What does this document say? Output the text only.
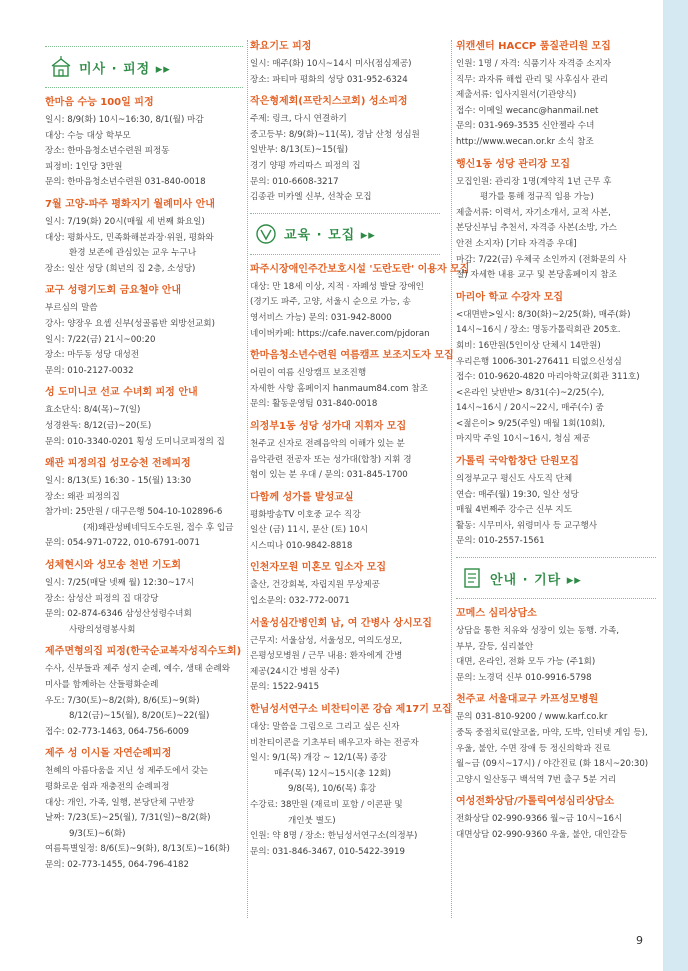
미사 · 피정 ▸▸
한마음 수능 100일 피정
일시: 8/9(화) 10시~16:30, 8/1(월) 마감
대상: 수능 대상 학부모
장소: 한마음청소년수련원 피정동
피정비: 1인당 3만원
문의: 한마음청소년수련원 031-840-0018
7월 고양-파주 평화지기 월례미사 안내
일시: 7/19(화) 20시(매월 세 번째 화요일)
대상: 평화사도, 민족화해분과장·위원, 평화와
환경 보존에 관심있는 교우 누구나
장소: 일산 성당 (희년의 집 2층, 소성당)
교구 성령기도회 금요철야 안내
부르심의 말씀
강사: 양장우 요셉 신부(성골롬반 외방선교회)
일시: 7/22(금) 21시~00:20
장소: 마두동 성당 대성전
문의: 010-2127-0032
성 도미니코 선교 수녀회 피정 안내
효소단식: 8/4(목)~7(일)
성경완독: 8/12(금)~20(토)
문의: 010-3340-0201 횡성 도미니코피정의 집
왜관 피정의집 성모승천 전례피정
일시: 8/13(토) 16:30 - 15(월) 13:30
장소: 왜관 피정의집
참가비: 25만원 / 대구은행 504-10-102896-6
(재)왜관성베네딕도수도원, 접수 후 입금
문의: 054-971-0722, 010-6791-0071
성체현시와 성모송 천번 기도회
일시: 7/25(매달 넷째 월) 12:30~17시
장소: 삼성산 피정의 집 대강당
문의: 02-874-6346 삼성산성령수녀회
사랑의성령봉사회
제주면형의집 피정(한국순교복자성직수도회)
수사, 신부들과 제주 성지 순례, 예수, 생태 순례와
미사를 함께하는 산들평화순례
우도: 7/30(토)~8/2(화), 8/6(토)~9(화)
8/12(금)~15(월), 8/20(토)~22(월)
접수: 02-773-1463, 064-756-6009
제주 성 이시돌 자연순례피정
천혜의 아름다움을 지닌 성 제주도에서 갖는
평화로운 쉼과 재충전의 순례피정
대상: 개인, 가족, 일행, 본당단체 구반장
날짜: 7/23(토)~25(월), 7/31(일)~8/2(화)
9/3(토)~6(화)
여름특별일정: 8/6(토)~9(화), 8/13(토)~16(화)
문의: 02-773-1455, 064-796-4182
화요기도 피정
일시: 매주(화) 10시~14시 미사(점심제공)
장소: 파티마 평화의 성당 031-952-6324
작은형제회(프란치스코회) 성소피정
주제: 링크, 다시 연결하기
중고등부: 8/9(화)~11(목), 경남 산청 성심원
일반부: 8/13(토)~15(월)
경기 양평 까리따스 피정의 집
문의: 010-6608-3217
김종관 미카엘 신부, 선착순 모집
교육 · 모집 ▸▸
파주시장애인주간보호시설 '도란도란' 이용자 모집
대상: 만 18세 이상, 지적 · 자폐성 발달 장애인
(경기도 파주, 고양, 서울시 순으로 가능, 송
영서비스 가능) 문의: 031-942-8000
네이버카페: https://cafe.naver.com/pjdoran
한마음청소년수련원 여름캠프 보조지도자 모집
어린이 여름 신앙캠프 보조진행
자세한 사항 홈페이지 hanmaum84.com 참조
문의: 활동운영팀 031-840-0018
의정부1동 성당 성가대 지휘자 모집
천주교 신자로 전례음악의 이해가 있는 분
음악관련 전공자 또는 성가대(합창) 지휘 경
험이 있는 분 우대 / 문의: 031-845-1700
다함께 성가를 발성교실
평화방송TV 이호중 교수 직강
일산 (금) 11시, 문산 (토) 10시
시스띠나 010-9842-8818
인천자모원 미혼모 입소자 모집
출산, 건강회복, 자립지원 무상제공
입소문의: 032-772-0071
서울성심간병인회 남, 여 간병사 상시모집
근무지: 서울삼성, 서울성모, 여의도성모,
은평성모병원 / 근무 내용: 환자에게 간병
제공(24시간 병원 상주)
문의: 1522-9415
한님성서연구소 비찬티이콘 강습 제17기 모집
대상: 말씀을 그림으로 그리고 싶은 신자
비찬티이콘을 기초부터 배우고자 하는 전공자
일시: 9/1(목) 개강 ~ 12/1(목) 종강
매주(목) 12시~15시(총 12회)
9/8(목), 10/6(목) 휴강
수강료: 38만원 (재료비 포함 / 이콘판 및
개인붓 별도)
인원: 약 8명 / 장소: 한님성서연구소(의정부)
문의: 031-846-3467, 010-5422-3919
위캔센터 HACCP 품질관리원 모집
인원: 1명 / 자격: 식품기사 자격증 소지자
직무: 과자류 해썹 관리 및 사후심사 관리
제출서류: 입사지원서(기관양식)
접수: 이메일 wecanc@hanmail.net
문의: 031-969-3535 신안젤라 수녀
http://www.wecan.or.kr 소식 참조
행신1동 성당 관리장 모집
모집인원: 관리장 1명(계약직 1년 근무 후
평가를 통해 정규직 임용 가능)
제출서류: 이력서, 자기소개서, 교적 사본,
본당신부님 추천서, 자격증 사본(소방, 가스
안전 소지자) [기타 자격증 우대]
마감: 7/22(금) 우체국 소인까지 (전화문의 사
절) 자세한 내용 교구 및 본당홈페이지 참조
마리아 학교 수강자 모집
<대면반>일시: 8/30(화)~2/25(화), 매주(화)
14시~16시 / 장소: 명동가톨릭회관 205호.
회비: 16만원(5인이상 단체시 14만원)
우리은행 1006-301-276411 티없으신성심
접수: 010-9620-4820 마리아학교(회관 311호)
<온라인 낮반반> 8/31(수)~2/25(수),
14시~16시 / 20시~22시, 매주(수) 줌
<젊은이> 9/25(주일) 매월 1회(10회),
마지막 주일 10시~16시, 청심 제공
가톨릭 국악합창단 단원모집
의정부교구 평신도 사도직 단체
연습: 매주(월) 19:30, 일산 성당
매월 4번째주 강수근 신부 지도
활동: 시무미사, 위령미사 등 교구행사
문의: 010-2557-1561
안내 · 기타 ▸▸
꼬메스 심리상담소
상담을 통한 치유와 성장이 있는 동행. 가족,
부부, 갈등, 심리불안
대면, 온라인, 전화 모두 가능 (주1회)
문의: 노경덕 신부 010-9916-5798
천주교 서울대교구 카프성모병원
문의 031-810-9200 / www.karf.co.kr
중독 중점치료(알코올, 마약, 도박, 인터넷 게임 등),
우울, 불안, 수면 장애 등 정신의학과 진료
월~금 (09시~17시) / 야간진료 (화 18시~20:30)
고양시 일산동구 백석역 7번 출구 5분 거리
여성전화상담/가톨릭여성심리상담소
전화상담 02-990-9366 월~금 10시~16시
대면상담 02-990-9360 우울, 불안, 대인갈등
9
